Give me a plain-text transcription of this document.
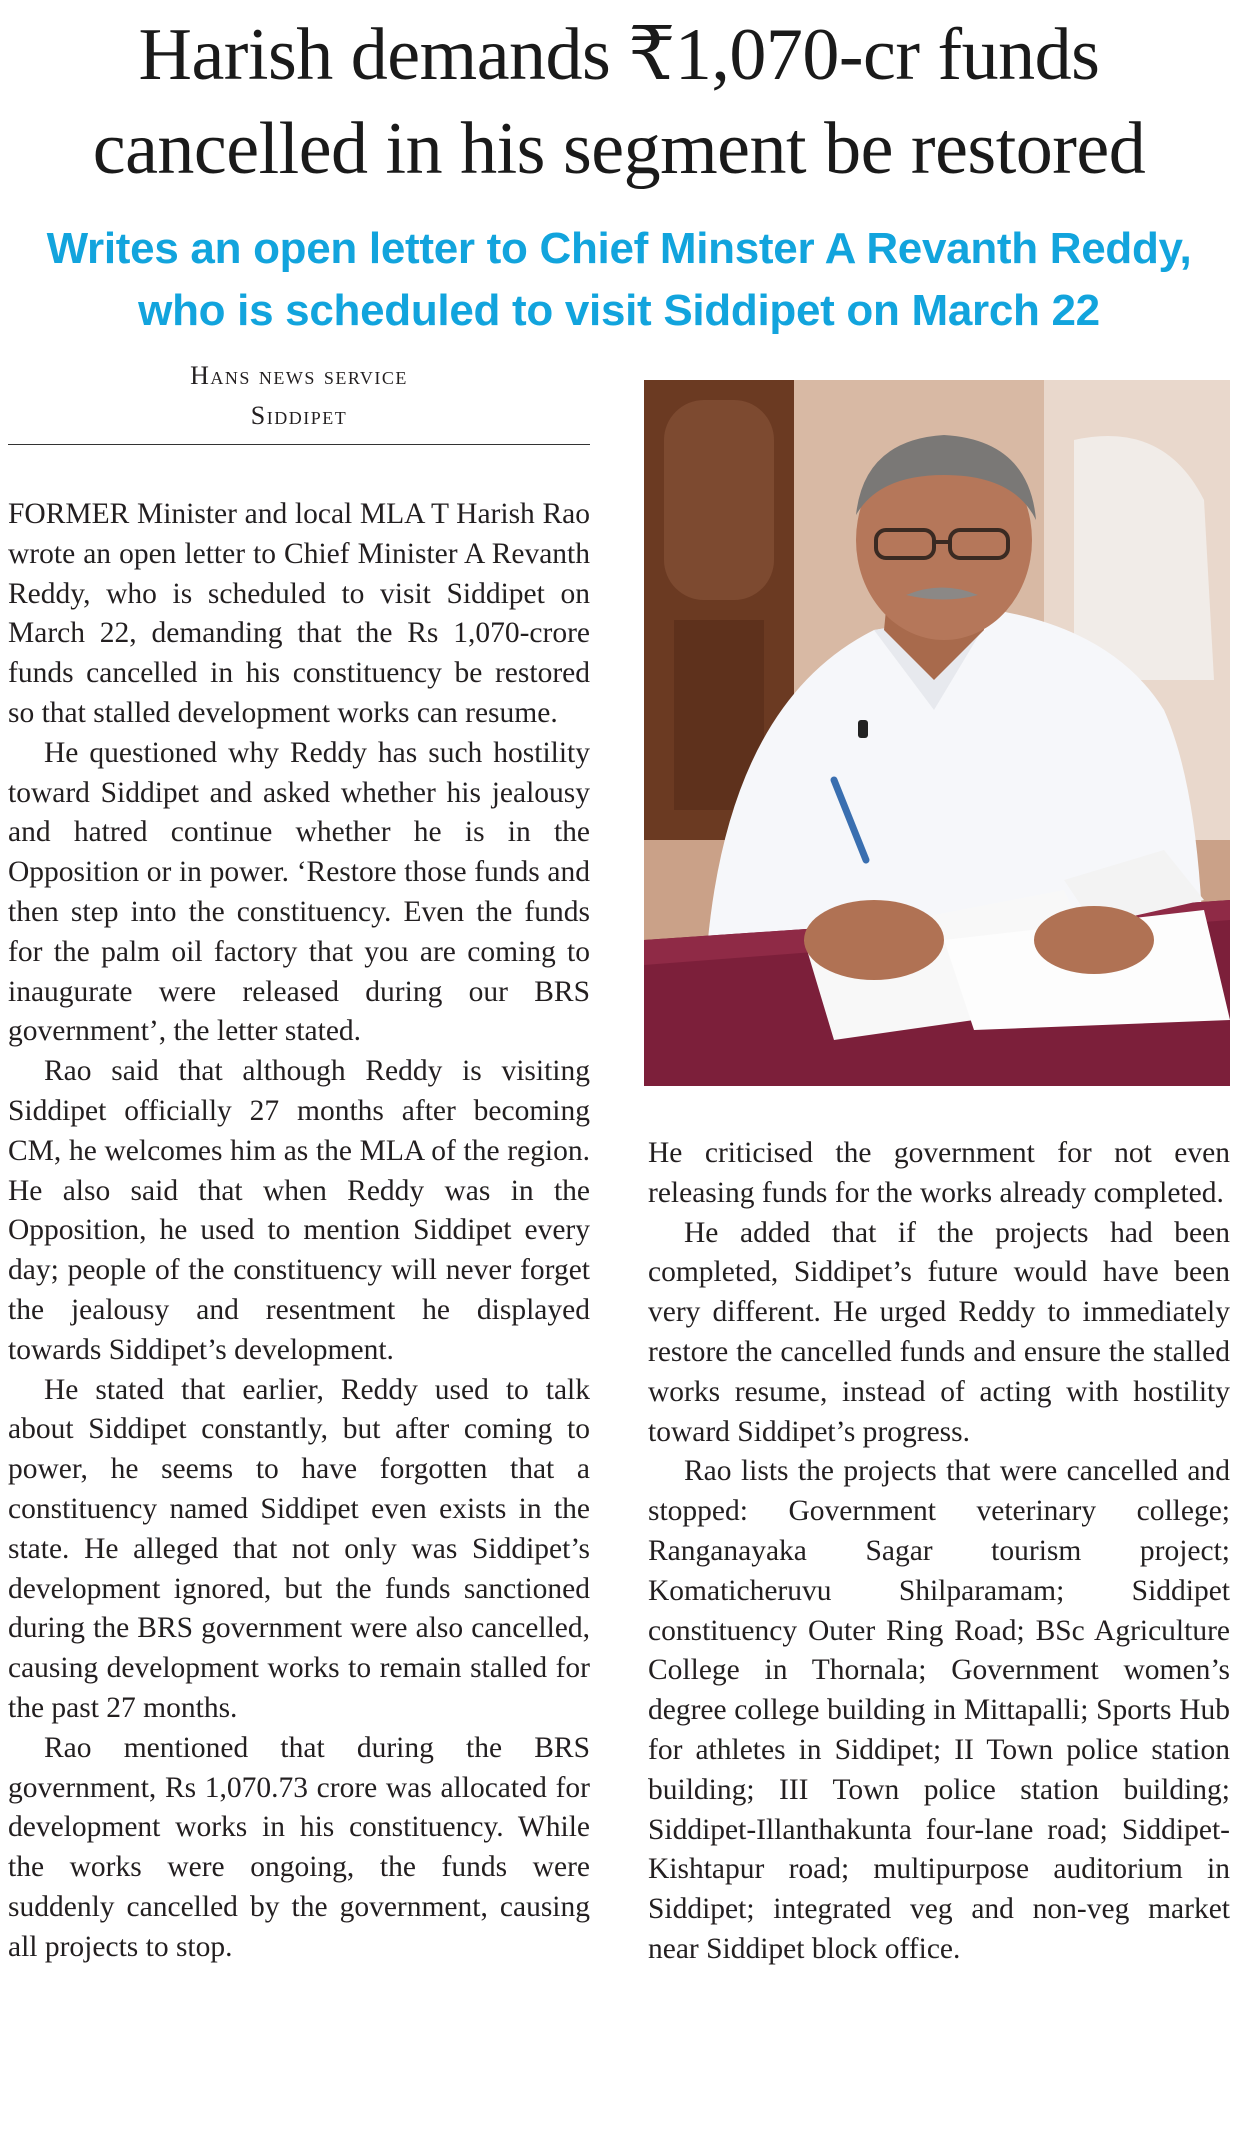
Harish demands ₹1,070-cr funds
cancelled in his segment be restored
Writes an open letter to Chief Minster A Revanth Reddy,
who is scheduled to visit Siddipet on March 22
Hans news service
Siddipet

FORMER Minister and local MLA T Harish Rao wrote an open letter to Chief Minister A Revanth Reddy, who is scheduled to visit Siddipet on March 22, demanding that the Rs 1,070-crore funds cancelled in his constituency be restored so that stalled development works can resume.

He questioned why Reddy has such hostility toward Siddipet and asked whether his jealousy and hatred continue whether he is in the Opposition or in power. ‘Restore those funds and then step into the constituency. Even the funds for the palm oil factory that you are coming to inaugurate were released during our BRS government’, the letter stated.

Rao said that although Reddy is visiting Siddipet officially 27 months after becoming CM, he welcomes him as the MLA of the region. He also said that when Reddy was in the Opposition, he used to mention Siddipet every day; people of the constituency will never forget the jealousy and resentment he displayed towards Siddipet’s development.

He stated that earlier, Reddy used to talk about Siddipet constantly, but after coming to power, he seems to have forgotten that a constituency named Siddipet even exists in the state. He alleged that not only was Siddipet’s development ignored, but the funds sanctioned during the BRS government were also cancelled, causing development works to remain stalled for the past 27 months.

Rao mentioned that during the BRS government, Rs 1,070.73 crore was allocated for development works in his constituency. While the works were ongoing, the funds were suddenly cancelled by the government, causing all projects to stop.

He criticised the government for not even releasing funds for the works already completed.

He added that if the projects had been completed, Siddipet’s future would have been very different. He urged Reddy to immediately restore the cancelled funds and ensure the stalled works resume, instead of acting with hostility toward Siddipet’s progress.

Rao lists the projects that were cancelled and stopped: Government veterinary college; Ranganayaka Sagar tourism project; Komaticheruvu Shilparamam; Siddipet constituency Outer Ring Road; BSc Agriculture College in Thornala; Government women’s degree college building in Mittapalli; Sports Hub for athletes in Siddipet; II Town police station building; III Town police station building; Siddipet-Illanthakunta four-lane road; Siddipet-Kishtapur road; multipurpose auditorium in Siddipet; integrated veg and non-veg market near Siddipet block office.
